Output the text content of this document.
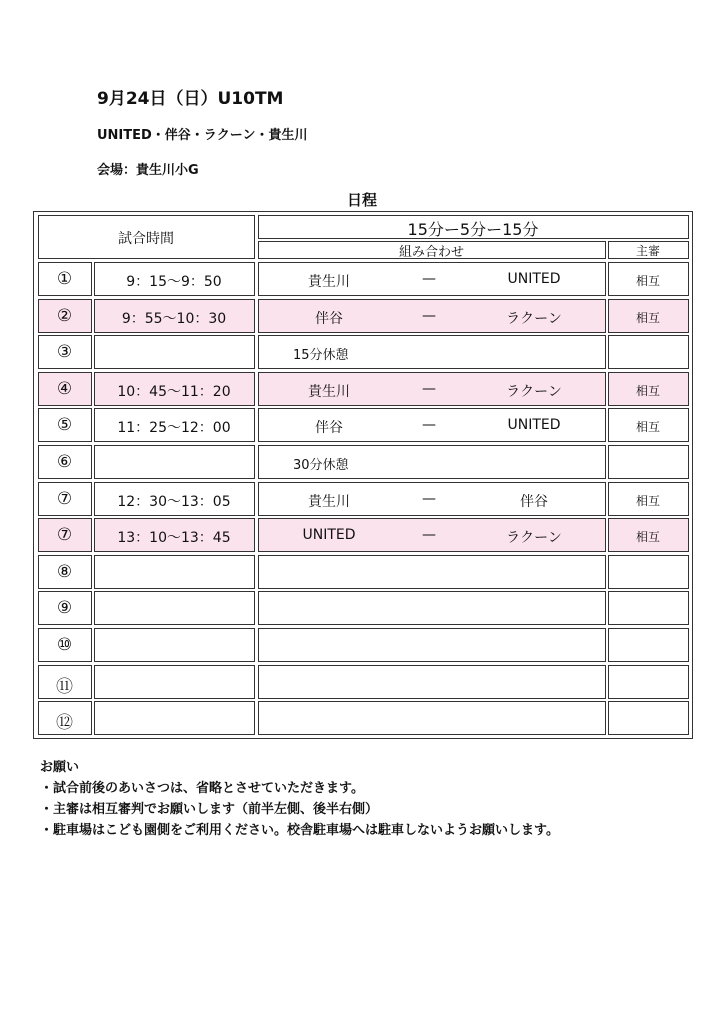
9月24日（日）U10TM
UNITED・伴谷・ラクーン・貴生川
会場：貴生川小G
日程
試合時間	15分ー5分ー15分
組み合わせ	主審
①	9：15～9：50	貴生川	—	UNITED	相互
②	9：55～10：30	伴谷	—	ラクーン	相互
③	15分休憩
④	10：45～11：20	貴生川	—	ラクーン	相互
⑤	11：25～12：00	伴谷	—	UNITED	相互
⑥	30分休憩
⑦	12：30～13：05	貴生川	—	伴谷	相互
⑦	13：10～13：45	UNITED	—	ラクーン	相互
⑧
⑨
⑩
⑪
⑫
お願い
・試合前後のあいさつは、省略とさせていただきます。
・主審は相互審判でお願いします（前半左側、後半右側）
・駐車場はこども園側をご利用ください。校舎駐車場へは駐車しないようお願いします。
